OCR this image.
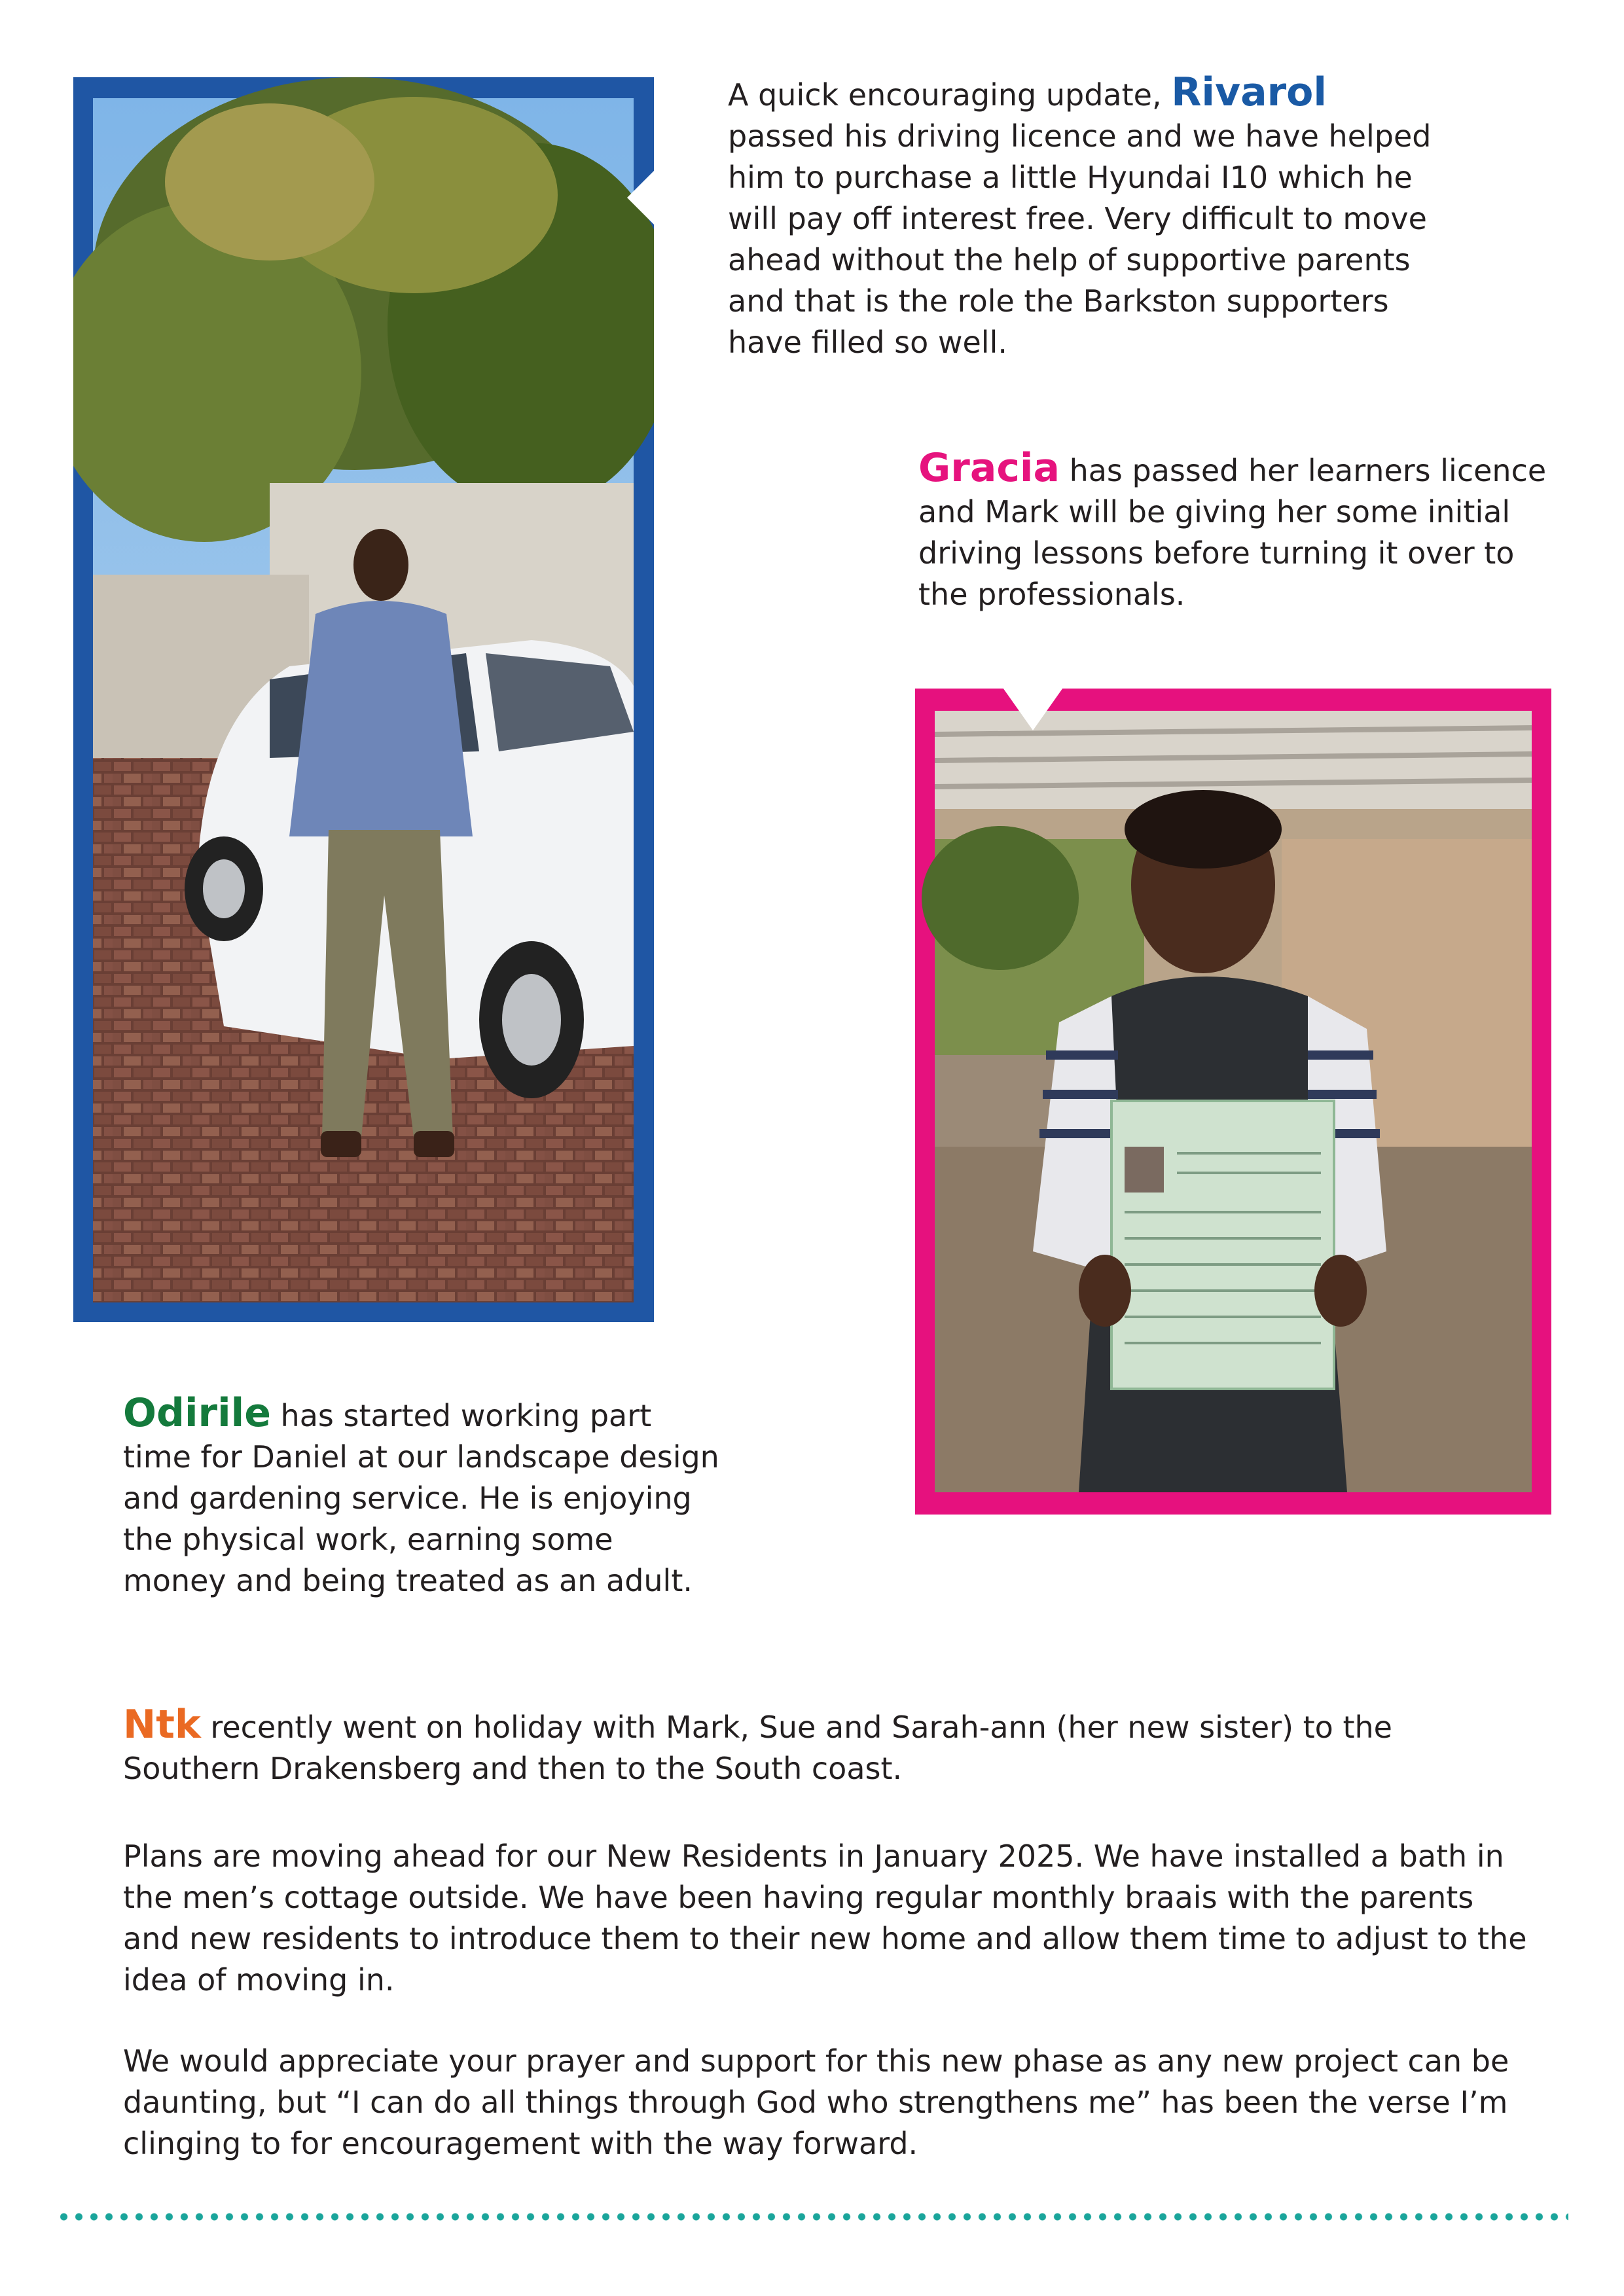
A quick encouraging update, Rivarol passed his driving licence and we have helped him to purchase a little Hyundai I10 which he will pay off interest free. Very difficult to move ahead without the help of supportive parents and that is the role the Barkston supporters have filled so well.

Gracia has passed her learners licence and Mark will be giving her some initial driving lessons before turning it over to the professionals.

Odirile has started working part time for Daniel at our landscape design and gardening service. He is enjoying the physical work, earning some money and being treated as an adult.

Ntk recently went on holiday with Mark, Sue and Sarah-ann (her new sister) to the Southern Drakensberg and then to the South coast.

Plans are moving ahead for our New Residents in January 2025. We have installed a bath in the men’s cottage outside. We have been having regular monthly braais with the parents and new residents to introduce them to their new home and allow them time to adjust to the idea of moving in.

We would appreciate your prayer and support for this new phase as any new project can be daunting, but “I can do all things through God who strengthens me” has been the verse I’m clinging to for encouragement with the way forward.
